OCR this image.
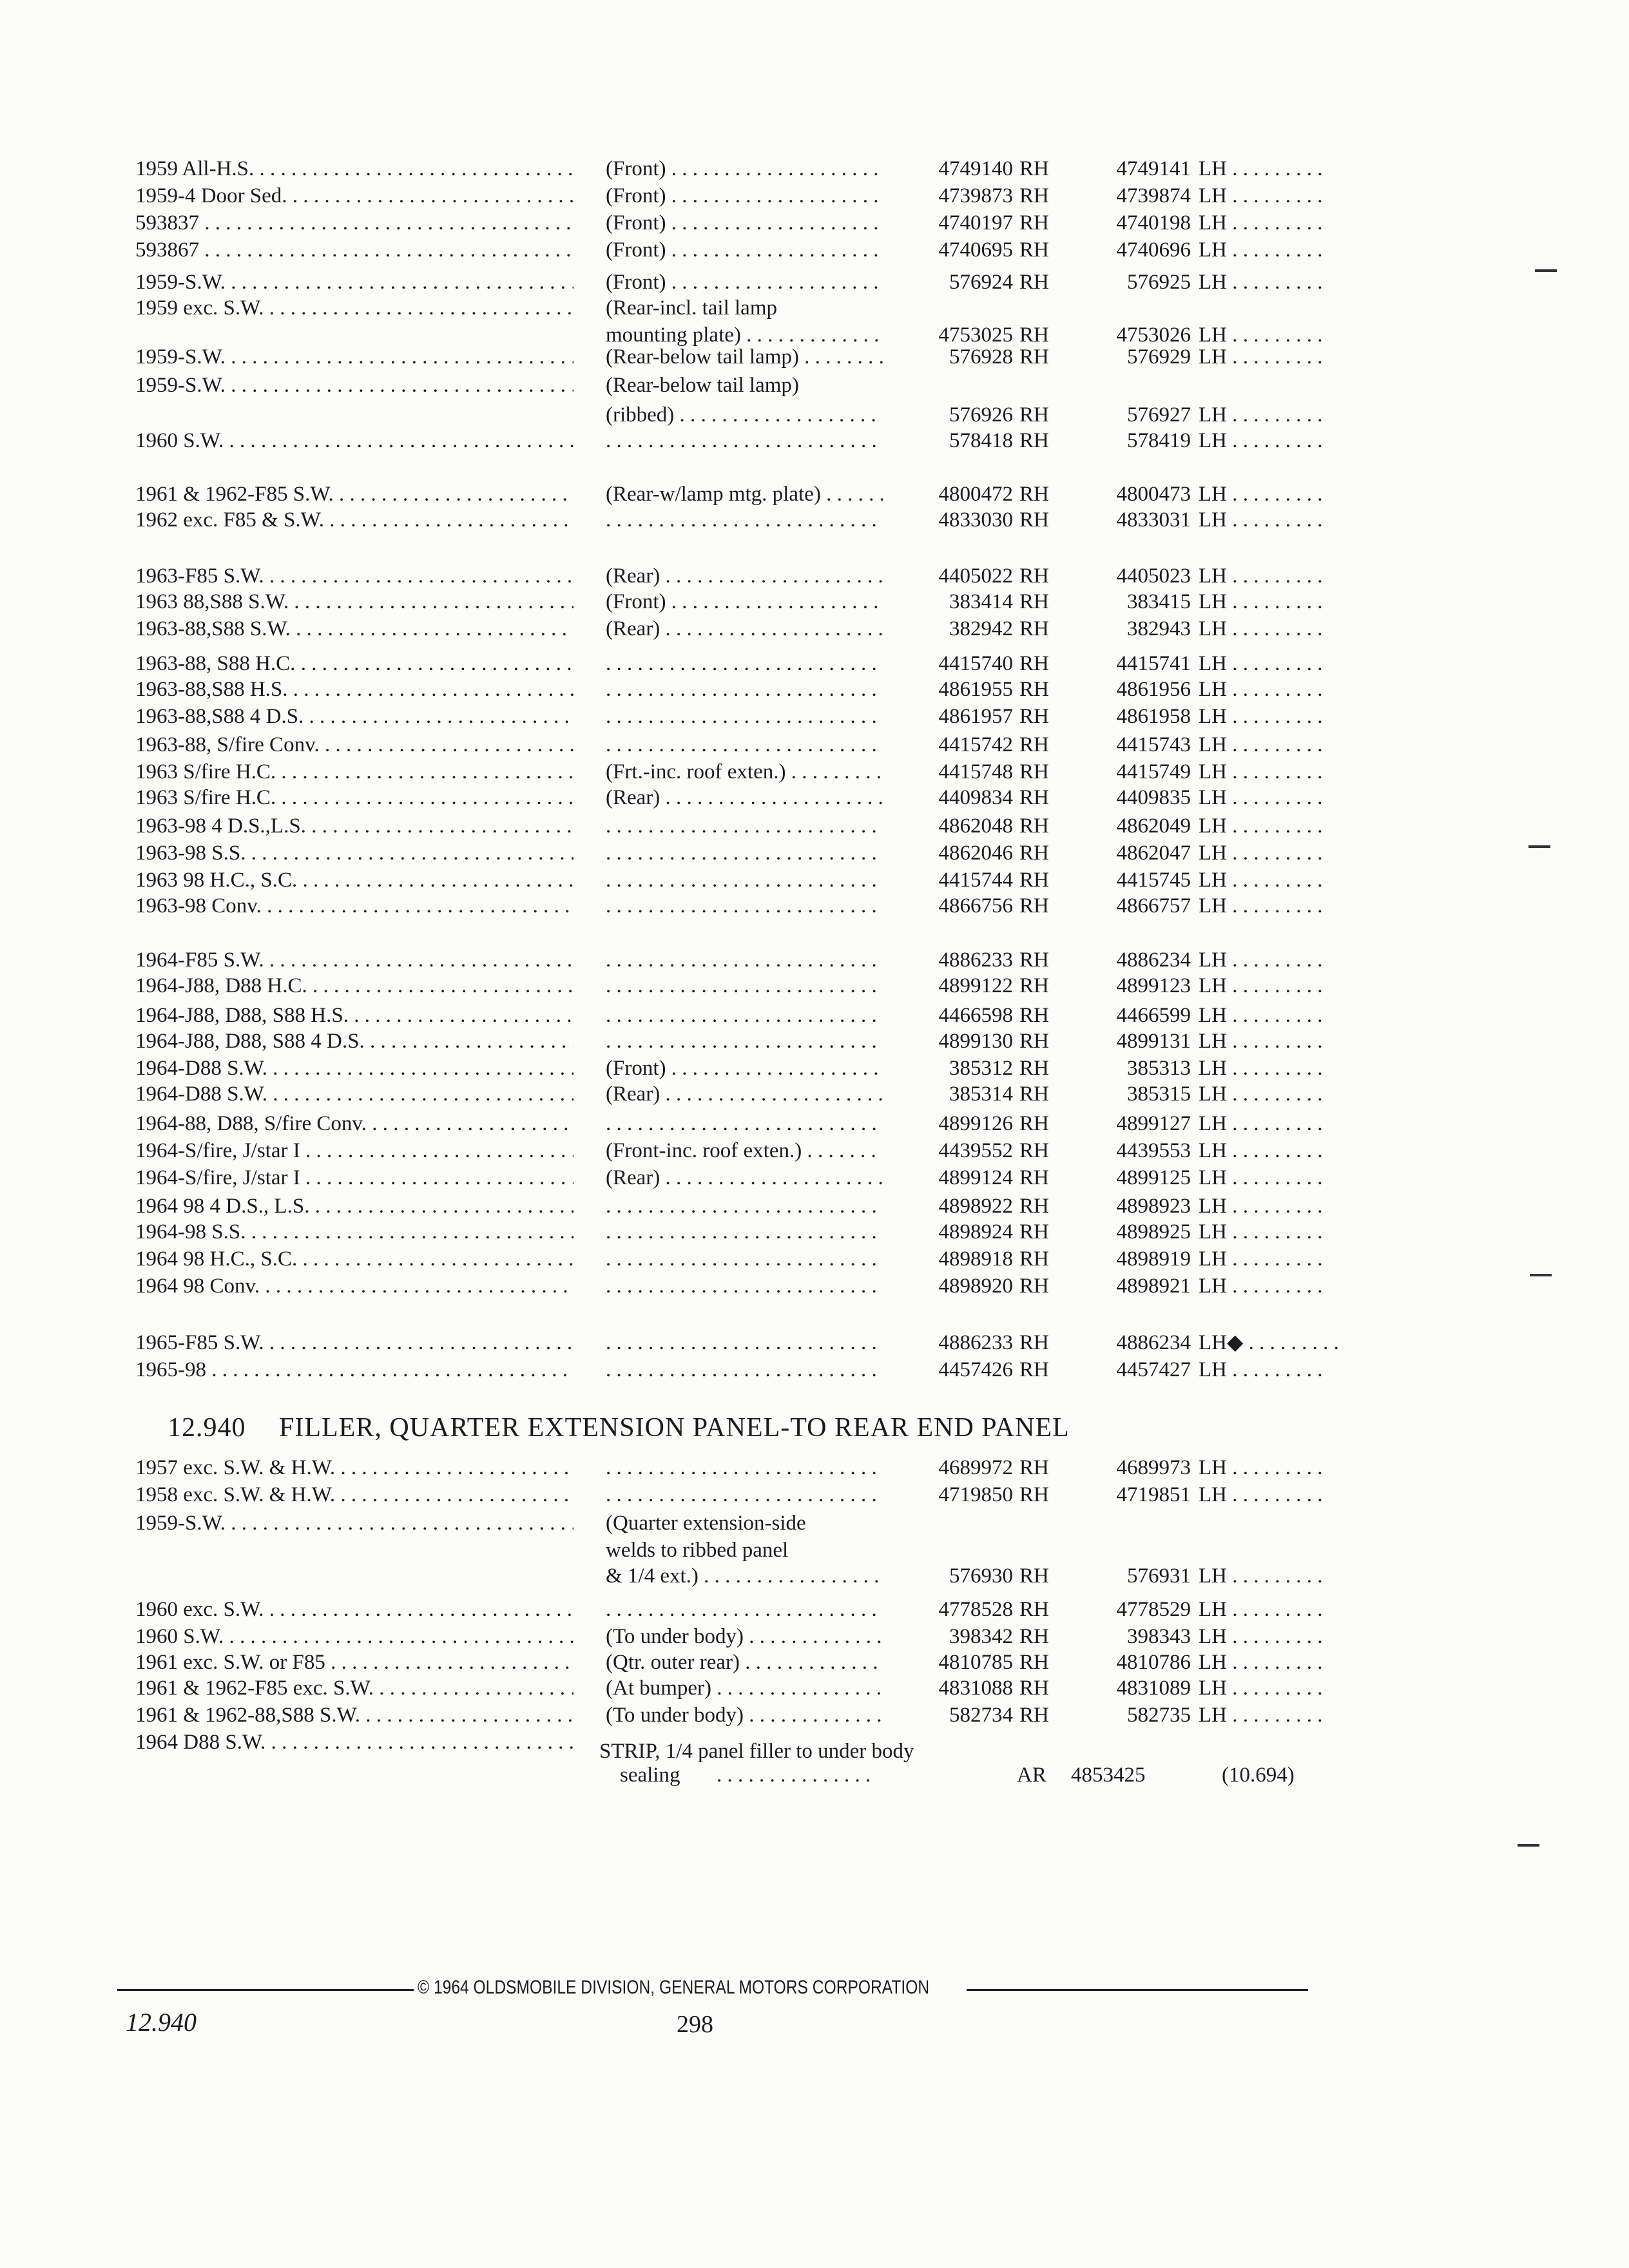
1959 All-H.S. . . .	(Front) . . .	4749140 RH	4749141 LH . . .
1959-4 Door Sed. . . .	(Front) . . .	4739873 RH	4739874 LH . . .
593837 . . .	(Front) . . .	4740197 RH	4740198 LH . . .
593867 . . .	(Front) . . .	4740695 RH	4740696 LH . . .
1959-S.W. . . .	(Front) . . .	576924 RH	576925 LH . . .
1959 exc. S.W. . . .	(Rear-incl. tail lamp
mounting plate) . . .	4753025 RH	4753026 LH . . .
1959-S.W. . . .	(Rear-below tail lamp) . . .	576928 RH	576929 LH . . .
1959-S.W. . . .	(Rear-below tail lamp)
(ribbed) . . .	576926 RH	576927 LH . . .
1960 S.W. . . . . . .	578418 RH	578419 LH . . .
1961 & 1962-F85 S.W. . . .	(Rear-w/lamp mtg. plate) . . .	4800472 RH	4800473 LH . . .
1962 exc. F85 & S.W. . . . . . .	4833030 RH	4833031 LH . . .
1963-F85 S.W. . . .	(Rear) . . .	4405022 RH	4405023 LH . . .
1963 88,S88 S.W. . . .	(Front) . . .	383414 RH	383415 LH . . .
1963-88,S88 S.W. . . .	(Rear) . . .	382942 RH	382943 LH . . .
1963-88, S88 H.C. . . . . . .	4415740 RH	4415741 LH . . .
1963-88,S88 H.S. . . . . . .	4861955 RH	4861956 LH . . .
1963-88,S88 4 D.S. . . . . . .	4861957 RH	4861958 LH . . .
1963-88, S/fire Conv. . . . . . .	4415742 RH	4415743 LH . . .
1963 S/fire H.C. . . .	(Frt.-inc. roof exten.) . . .	4415748 RH	4415749 LH . . .
1963 S/fire H.C. . . .	(Rear) . . .	4409834 RH	4409835 LH . . .
1963-98 4 D.S.,L.S. . . . . . .	4862048 RH	4862049 LH . . .
1963-98 S.S. . . . . . .	4862046 RH	4862047 LH . . .
1963 98 H.C., S.C. . . . . . .	4415744 RH	4415745 LH . . .
1963-98 Conv. . . . . . .	4866756 RH	4866757 LH . . .
1964-F85 S.W. . . . . . .	4886233 RH	4886234 LH . . .
1964-J88, D88 H.C. . . . . . .	4899122 RH	4899123 LH . . .
1964-J88, D88, S88 H.S. . . . . . .	4466598 RH	4466599 LH . . .
1964-J88, D88, S88 4 D.S. . . . . . .	4899130 RH	4899131 LH . . .
1964-D88 S.W. . . .	(Front) . . .	385312 RH	385313 LH . . .
1964-D88 S.W. . . .	(Rear) . . .	385314 RH	385315 LH . . .
1964-88, D88, S/fire Conv. . . . . . .	4899126 RH	4899127 LH . . .
1964-S/fire, J/star I . . .	(Front-inc. roof exten.) . . .	4439552 RH	4439553 LH . . .
1964-S/fire, J/star I . . .	(Rear) . . .	4899124 RH	4899125 LH . . .
1964 98 4 D.S., L.S. . . . . . .	4898922 RH	4898923 LH . . .
1964-98 S.S. . . . . . .	4898924 RH	4898925 LH . . .
1964 98 H.C., S.C. . . . . . .	4898918 RH	4898919 LH . . .
1964 98 Conv. . . . . . .	4898920 RH	4898921 LH . . .
1965-F85 S.W. . . . . . .	4886233 RH	4886234 LH◆ . . .
1965-98 . . . . . .	4457426 RH	4457427 LH . . .
12.940 FILLER, QUARTER EXTENSION PANEL-TO REAR END PANEL
1957 exc. S.W. & H.W. . . . . . .	4689972 RH	4689973 LH . . .
1958 exc. S.W. & H.W. . . . . . .	4719850 RH	4719851 LH . . .
1959-S.W. . . .	(Quarter extension-side
welds to ribbed panel
& 1/4 ext.) . . .	576930 RH	576931 LH . . .
1960 exc. S.W. . . . . . .	4778528 RH	4778529 LH . . .
1960 S.W. . . .	(To under body) . . .	398342 RH	398343 LH . . .
1961 exc. S.W. or F85 . . .	(Qtr. outer rear) . . .	4810785 RH	4810786 LH . . .
1961 & 1962-F85 exc. S.W. . . .	(At bumper) . . .	4831088 RH	4831089 LH . . .
1961 & 1962-88,S88 S.W. . . .	(To under body) . . .	582734 RH	582735 LH . . .
1964 D88 S.W. . . .	STRIP, 1/4 panel filler to under body
sealing . . . . . . . . . . . . . . .	AR 4853425	(10.694)
© 1964 OLDSMOBILE DIVISION, GENERAL MOTORS CORPORATION
12.940	298
